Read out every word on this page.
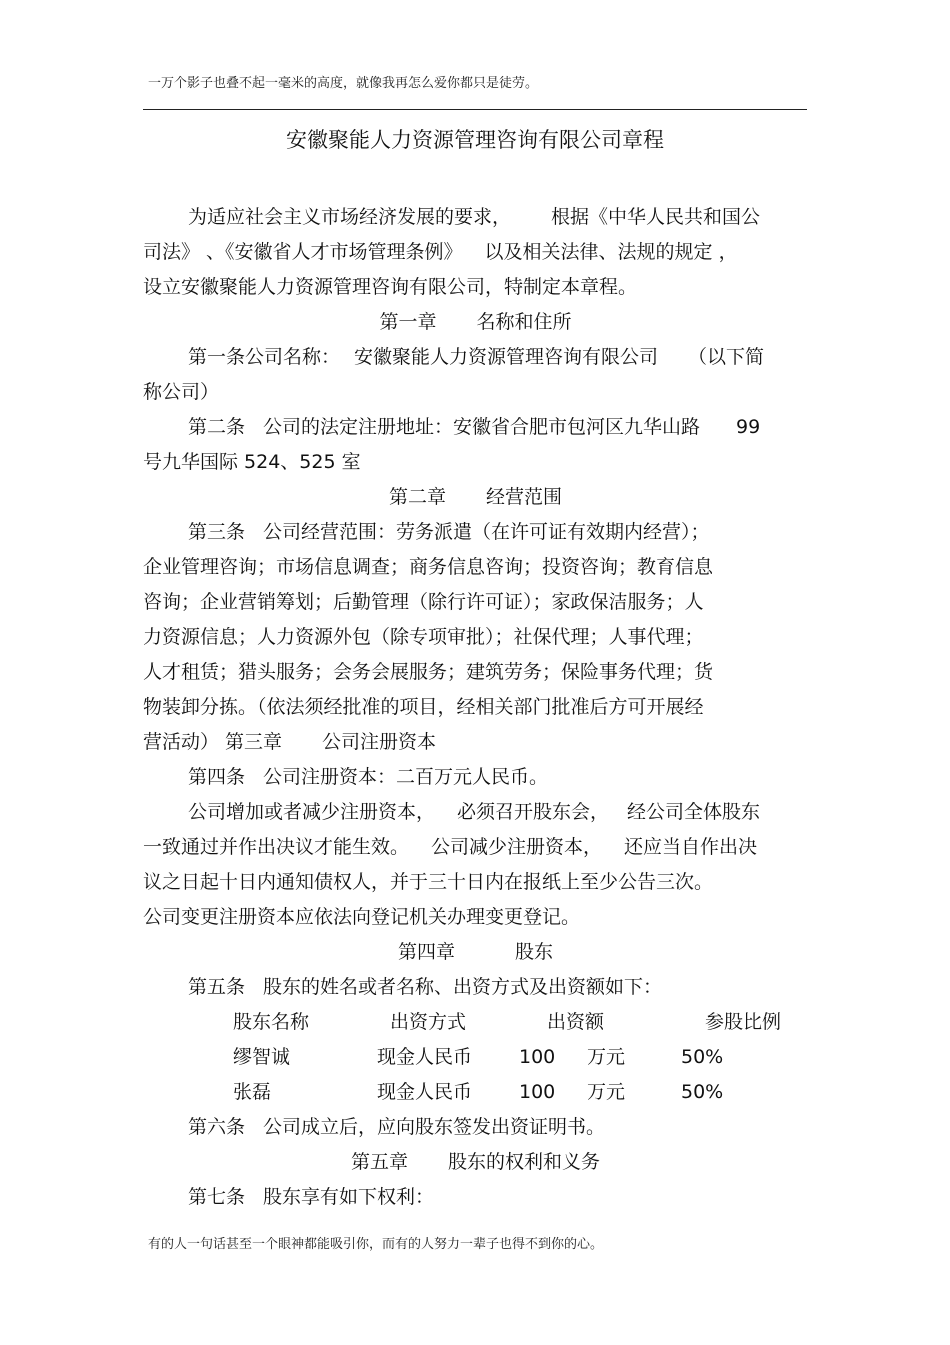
一万个影子也叠不起一毫米的高度，就像我再怎么爱你都只是徒劳。
安徽聚能人力资源管理咨询有限公司章程
为适应社会主义市场经济发展的要求， 根据《中华人民共和国公
司法》 、《安徽省人才市场管理条例》 以及相关法律、法规的规定 ，
设立安徽聚能人力资源管理咨询有限公司，特制定本章程。
第一章 名称和住所
第一条公司名称： 安徽聚能人力资源管理咨询有限公司 （以下简
称公司）
第二条 公司的法定注册地址：安徽省合肥市包河区九华山路 99
号九华国际 524、525 室
第二章 经营范围
第三条 公司经营范围：劳务派遣（在许可证有效期内经营）；
企业管理咨询；市场信息调查；商务信息咨询；投资咨询；教育信息
咨询；企业营销筹划；后勤管理（除行许可证）；家政保洁服务；人
力资源信息；人力资源外包（除专项审批）；社保代理；人事代理；
人才租赁；猎头服务；会务会展服务；建筑劳务；保险事务代理；货
物装卸分拣。（依法须经批准的项目，经相关部门批准后方可开展经
营活动） 第三章 公司注册资本
第四条 公司注册资本：二百万元人民币。
公司增加或者减少注册资本， 必须召开股东会， 经公司全体股东
一致通过并作出决议才能生效。 公司减少注册资本， 还应当自作出决
议之日起十日内通知债权人，并于三十日内在报纸上至少公告三次。
公司变更注册资本应依法向登记机关办理变更登记。
第四章	股东
第五条 股东的姓名或者名称、出资方式及出资额如下：
股东名称	出资方式	出资额	参股比例
缪智诚	现金人民币 100 万元	50%
张磊	现金人民币 100 万元	50%
第六条 公司成立后，应向股东签发出资证明书。
第五章 股东的权利和义务
第七条 股东享有如下权利：
有的人一句话甚至一个眼神都能吸引你，而有的人努力一辈子也得不到你的心。
